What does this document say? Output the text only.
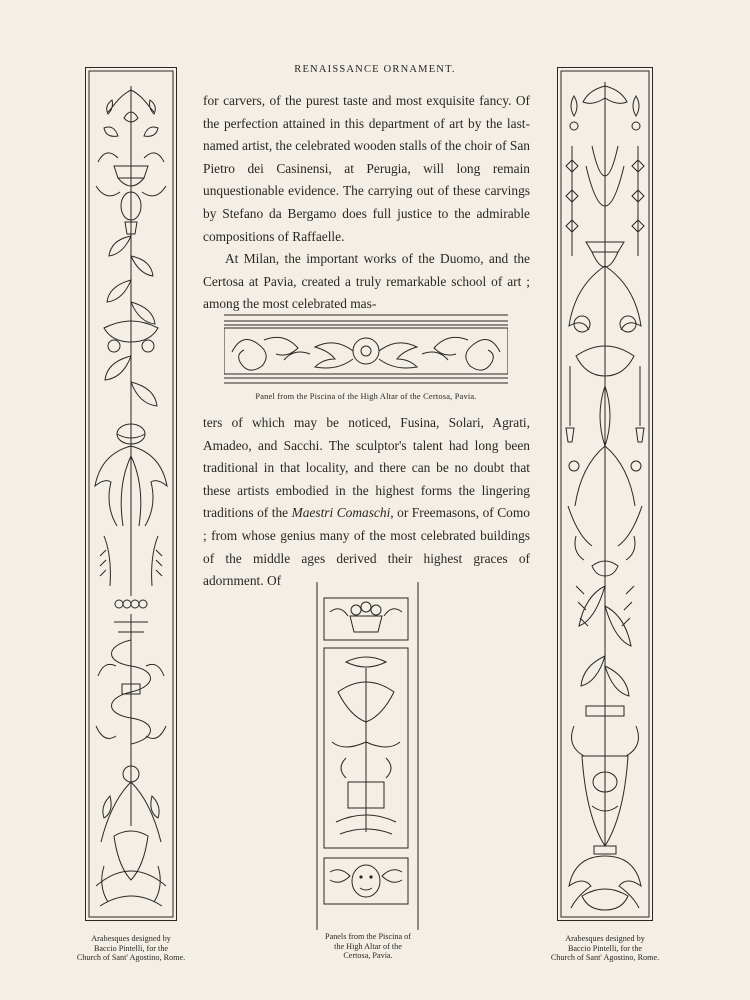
RENAISSANCE ORNAMENT.

for carvers, of the purest taste and most exquisite fancy. Of the perfection attained in this department of art by the last-named artist, the celebrated wooden stalls of the choir of San Pietro dei Casinensi, at Perugia, will long remain unquestionable evidence. The carrying out of these carvings by Stefano da Bergamo does full justice to the admirable compositions of Raffaelle.

At Milan, the important works of the Duomo, and the Certosa at Pavia, created a truly remarkable school of art ; among the most celebrated mas-

Panel from the Piscina of the High Altar of the Certosa, Pavia.

ters of which may be noticed, Fusina, Solari, Agrati, Amadeo, and Sacchi. The sculptor's talent had long been traditional in that locality, and there can be no doubt that these artists embodied in the highest forms the lingering traditions of the Maestri Comaschi, or Freemasons, of Como ; from whose genius many of the most celebrated buildings of the middle ages derived their highest graces of adornment. Of

Arabesques designed by
Baccio Pintelli, for the
Church of Sant' Agostino, Rome.
Panels from the Piscina of
the High Altar of the
Certosa, Pavia.
Arabesques designed by
Baccio Pintelli, for the
Church of Sant' Agostino, Rome.
